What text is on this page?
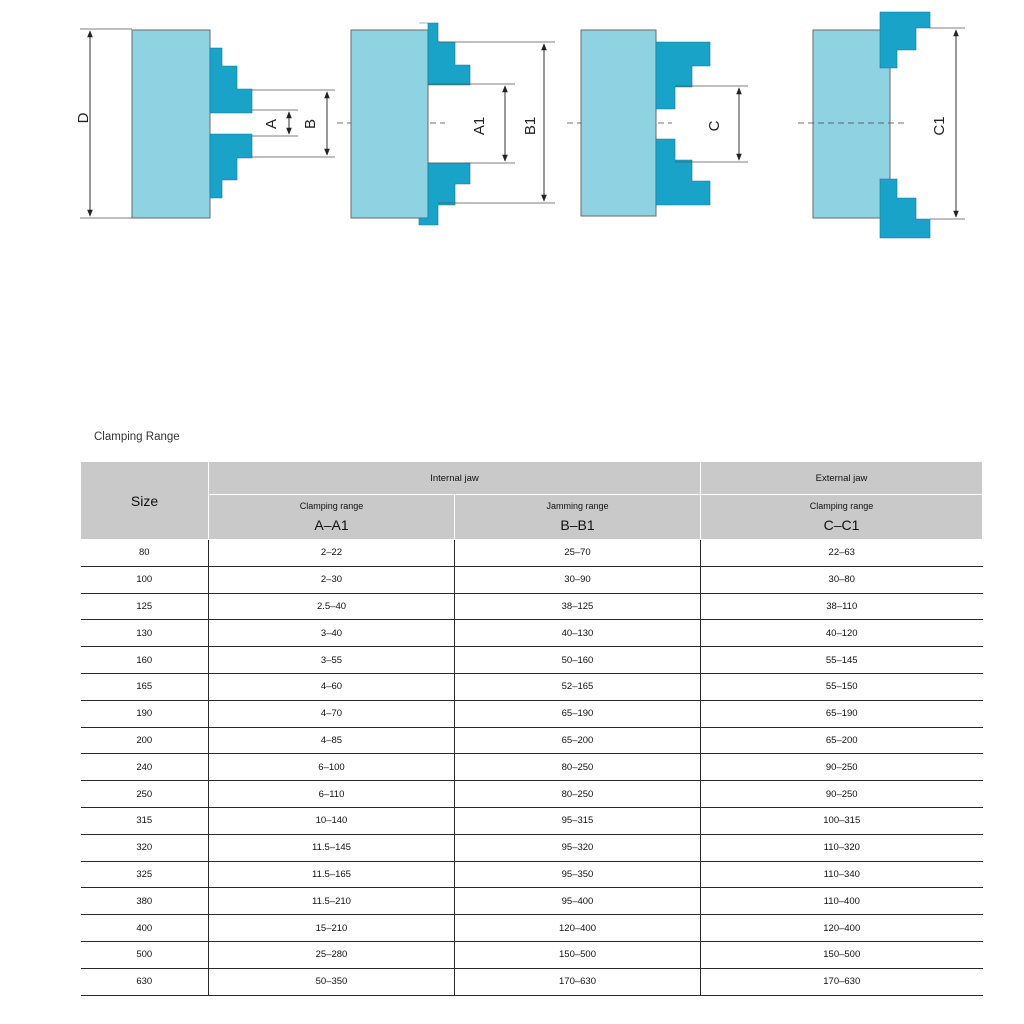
D
A B	A1 B1	C	C1
Clamping Range
Size	Internal jaw		External jaw
	Clamping range	Jamming range	Clamping range
	A–A1	B–B1	C–C1
80	2–22	25–70	22–63
100	2–30	30–90	30–80
125	2.5–40	38–125	38–110
130	3–40	40–130	40–120
160	3–55	50–160	55–145
165	4–60	52–165	55–150
190	4–70	65–190	65–190
200	4–85	65–200	65–200
240	6–100	80–250	90–250
250	6–110	80–250	90–250
315	10–140	95–315	100–315
320	11.5–145	95–320	110–320
325	11.5–165	95–350	110–340
380	11.5–210	95–400	110–400
400	15–210	120–400	120–400
500	25–280	150–500	150–500
630	50–350	170–630	170–630
